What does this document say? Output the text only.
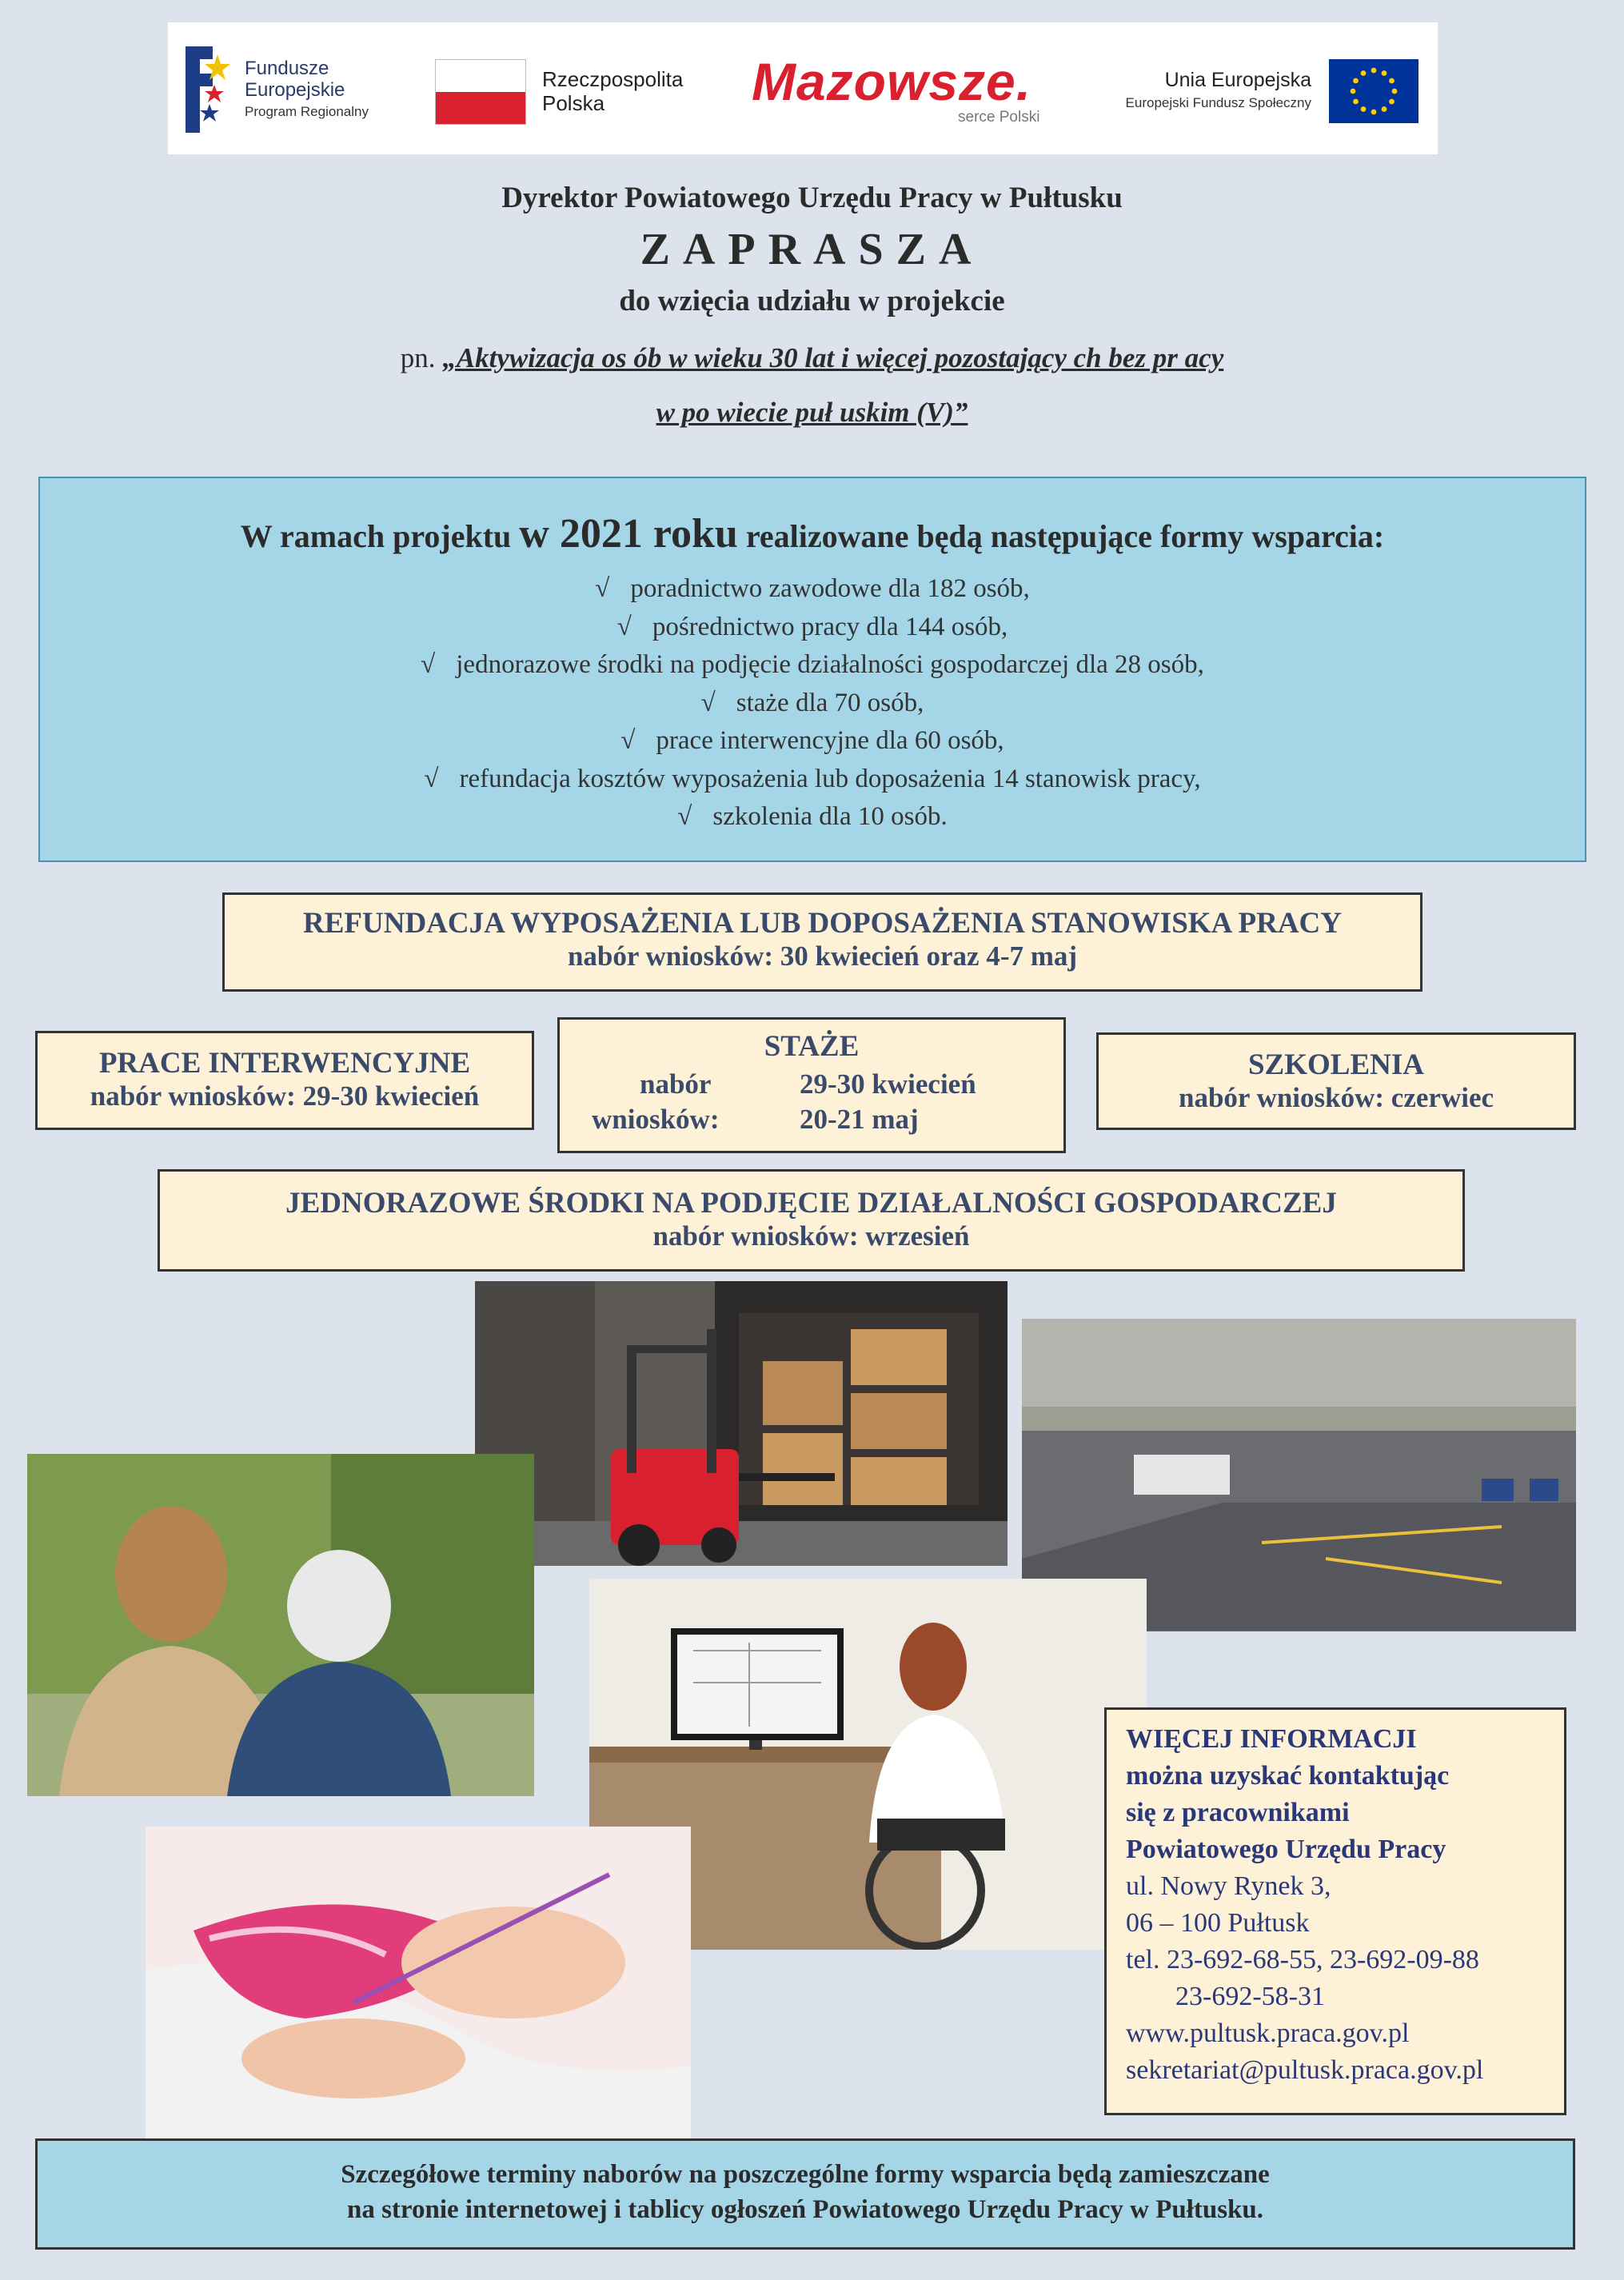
Fundusze
Europejskie
Program Regionalny
Rzeczpospolita
Polska	Mazowsze.
serce Polski
Unia Europejska
Europejski Fundusz Społeczny
Dyrektor Powiatowego Urzędu Pracy w Pułtusku
ZAPRASZA
do wzięcia udziału w projekcie
pn. „Aktywizacja os ób w wieku 30 lat i więcej pozostający ch bez pr acy
w po wiecie puł uskim (V)”
W ramach projektu w 2021 roku realizowane będą następujące formy wsparcia:
√ poradnictwo zawodowe dla 182 osób,
√ pośrednictwo pracy dla 144 osób,
√ jednorazowe środki na podjęcie działalności gospodarczej dla 28 osób,
√ staże dla 70 osób,
√ prace interwencyjne dla 60 osób,
√ refundacja kosztów wyposażenia lub doposażenia 14 stanowisk pracy,
√ szkolenia dla 10 osób.
REFUNDACJA WYPOSAŻENIA LUB DOPOSAŻENIA STANOWISKA PRACY
nabór wniosków: 30 kwiecień oraz 4-7 maj
PRACE INTERWENCYJNE
nabór wniosków: 29-30 kwiecień
STAŻE
nabór	29-30 kwiecień
wniosków:	20-21 maj
SZKOLENIA
nabór wniosków: czerwiec
JEDNORAZOWE ŚRODKI NA PODJĘCIE DZIAŁALNOŚCI GOSPODARCZEJ
nabór wniosków: wrzesień
WIĘCEJ INFORMACJI
można uzyskać kontaktując
się z pracownikami
Powiatowego Urzędu Pracy
ul. Nowy Rynek 3,
06 – 100 Pułtusk
tel. 23-692-68-55, 23-692-09-88
23-692-58-31
www.pultusk.praca.gov.pl
sekretariat@pultusk.praca.gov.pl
Szczegółowe terminy naborów na poszczególne formy wsparcia będą zamieszczane
na stronie internetowej i tablicy ogłoszeń Powiatowego Urzędu Pracy w Pułtusku.
